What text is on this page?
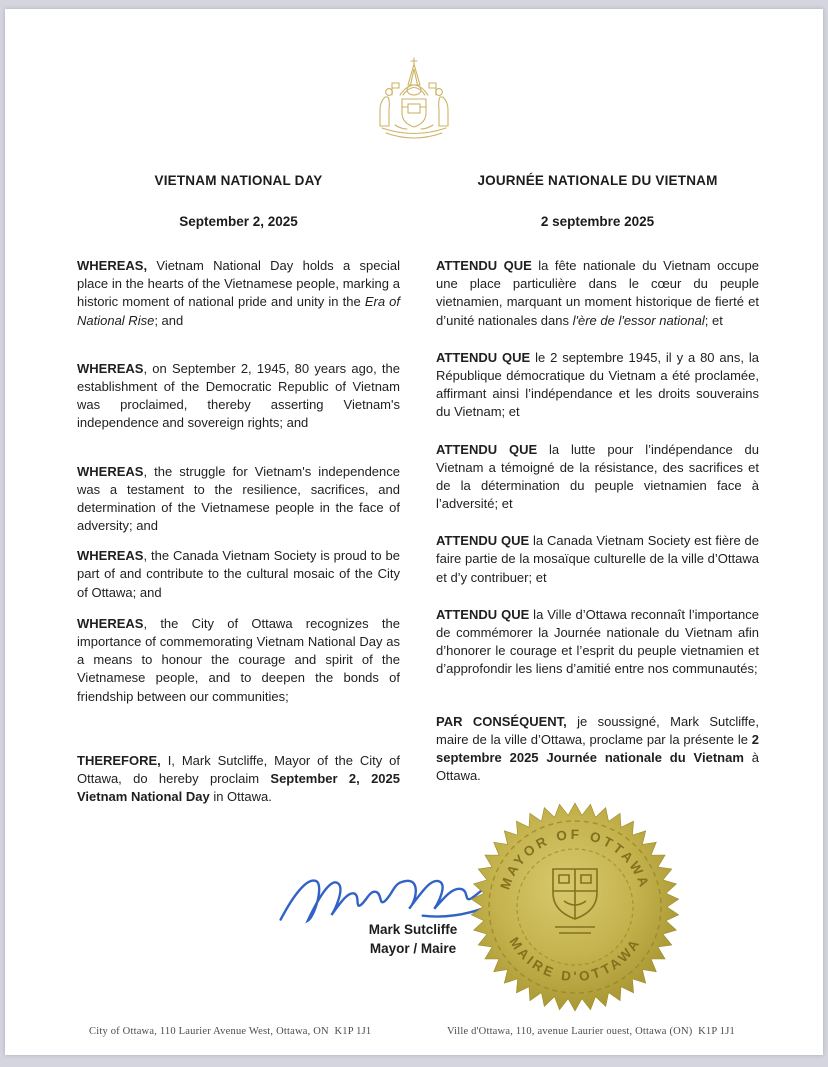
VIETNAM NATIONAL DAY
September 2, 2025

WHEREAS, Vietnam National Day holds a special place in the hearts of the Vietnamese people, marking a historic moment of national pride and unity in the Era of National Rise; and

WHEREAS, on September 2, 1945, 80 years ago, the establishment of the Democratic Republic of Vietnam was proclaimed, thereby asserting Vietnam's independence and sovereign rights; and

WHEREAS, the struggle for Vietnam's independence was a testament to the resilience, sacrifices, and determination of the Vietnamese people in the face of adversity; and

WHEREAS, the Canada Vietnam Society is proud to be part of and contribute to the cultural mosaic of the City of Ottawa; and

WHEREAS, the City of Ottawa recognizes the importance of commemorating Vietnam National Day as a means to honour the courage and spirit of the Vietnamese people, and to deepen the bonds of friendship between our communities;

THEREFORE, I, Mark Sutcliffe, Mayor of the City of Ottawa, do hereby proclaim September 2, 2025 Vietnam National Day in Ottawa.

JOURNÉE NATIONALE DU VIETNAM
2 septembre 2025

ATTENDU QUE la fête nationale du Vietnam occupe une place particulière dans le cœur du peuple vietnamien, marquant un moment historique de fierté et d’unité nationales dans l'ère de l'essor national; et

ATTENDU QUE le 2 septembre 1945, il y a 80 ans, la République démocratique du Vietnam a été proclamée, affirmant ainsi l’indépendance et les droits souverains du Vietnam; et

ATTENDU QUE la lutte pour l’indépendance du Vietnam a témoigné de la résistance, des sacrifices et de la détermination du peuple vietnamien face à l’adversité; et

ATTENDU QUE la Canada Vietnam Society est fière de faire partie de la mosaïque culturelle de la ville d’Ottawa et d’y contribuer; et

ATTENDU QUE la Ville d’Ottawa reconnaît l’importance de commémorer la Journée nationale du Vietnam afin d’honorer le courage et l’esprit du peuple vietnamien et d’approfondir les liens d’amitié entre nos communautés;

PAR CONSÉQUENT, je soussigné, Mark Sutcliffe, maire de la ville d’Ottawa, proclame par la présente le 2 septembre 2025 Journée nationale du Vietnam à Ottawa.

Mark Sutcliffe
Mayor / Maire
MAYOR OF OTTAWA
MAIRE D'OTTAWA
City of Ottawa, 110 Laurier Avenue West, Ottawa, ON  K1P 1J1	Ville d'Ottawa, 110, avenue Laurier ouest, Ottawa (ON)  K1P 1J1
